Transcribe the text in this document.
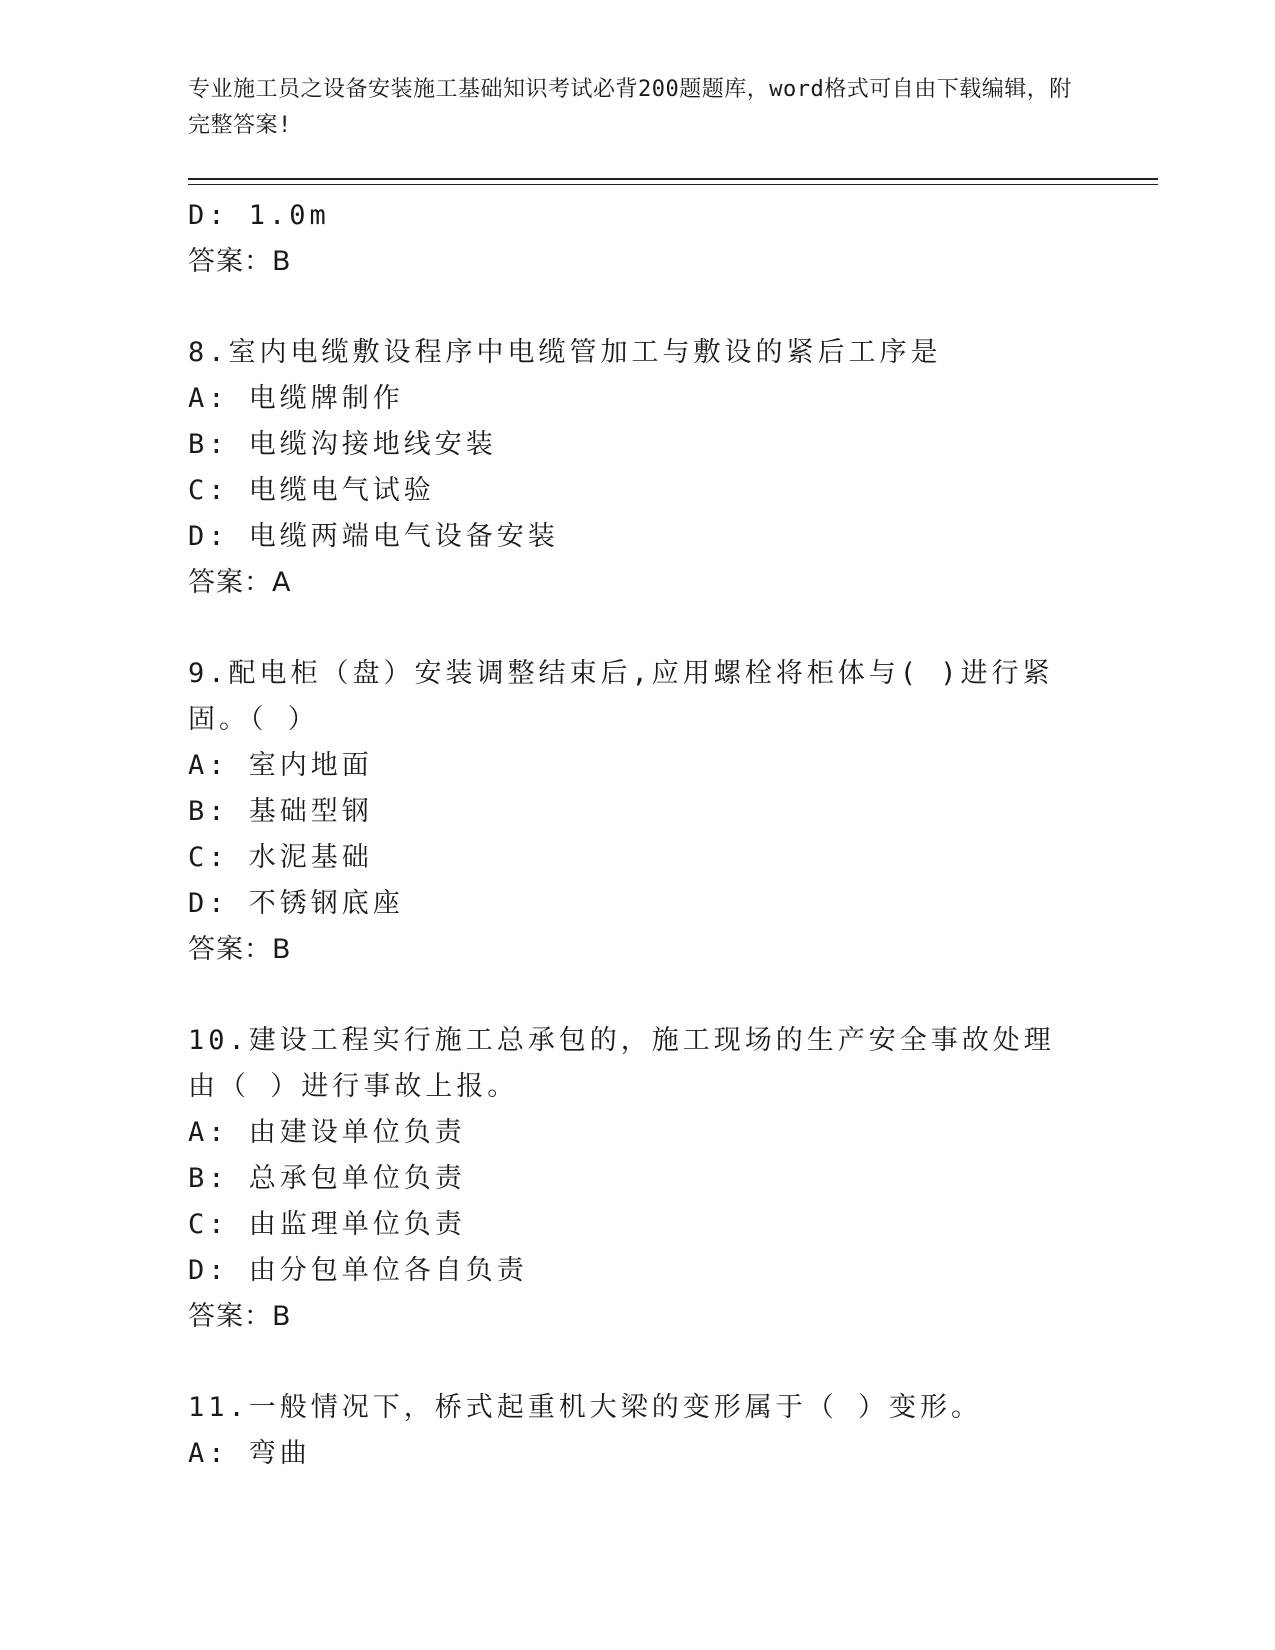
专业施工员之设备安装施工基础知识考试必背200题题库，word格式可自由下载编辑，附完整答案!
D: 1.0m
答案：B
8.室内电缆敷设程序中电缆管加工与敷设的紧后工序是
A: 电缆牌制作
B: 电缆沟接地线安装
C: 电缆电气试验
D: 电缆两端电气设备安装
答案：A
9.配电柜（盘）安装调整结束后,应用螺栓将柜体与( )进行紧固。（ ）
A: 室内地面
B: 基础型钢
C: 水泥基础
D: 不锈钢底座
答案：B
10.建设工程实行施工总承包的，施工现场的生产安全事故处理由（ ）进行事故上报。
A: 由建设单位负责
B: 总承包单位负责
C: 由监理单位负责
D: 由分包单位各自负责
答案：B
11.一般情况下，桥式起重机大梁的变形属于（ ）变形。
A: 弯曲
